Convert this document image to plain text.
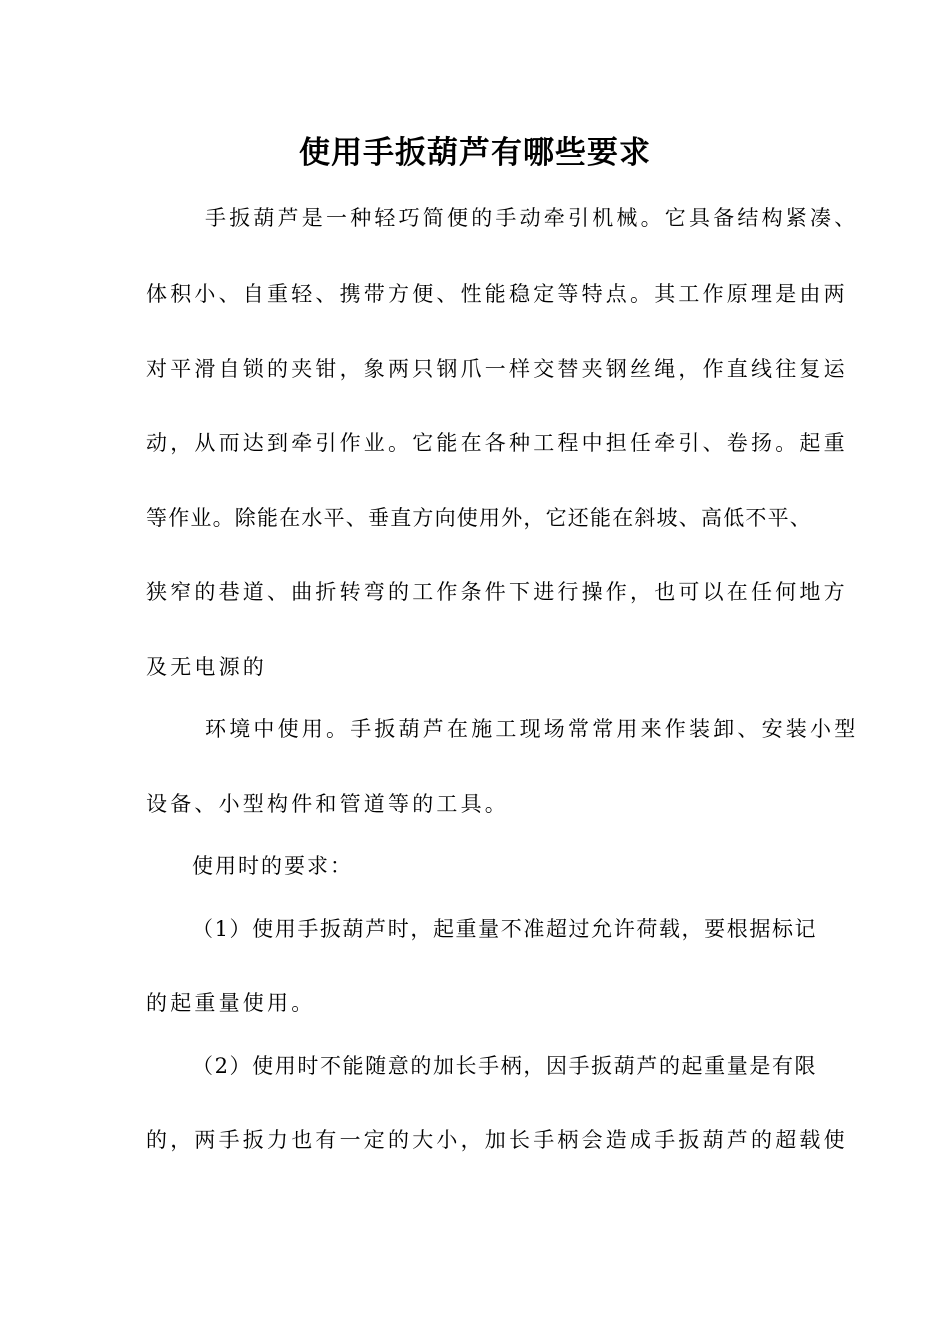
使用手扳葫芦有哪些要求
手扳葫芦是一种轻巧简便的手动牵引机械。它具备结构紧凑、
体积小、自重轻、携带方便、性能稳定等特点。其工作原理是由两
对平滑自锁的夹钳，象两只钢爪一样交替夹钢丝绳，作直线往复运
动，从而达到牵引作业。它能在各种工程中担任牵引、卷扬。起重
等作业。除能在水平、垂直方向使用外，它还能在斜坡、高低不平、
狭窄的巷道、曲折转弯的工作条件下进行操作，也可以在任何地方
及无电源的
环境中使用。手扳葫芦在施工现场常常用来作装卸、安装小型
设备、小型构件和管道等的工具。
使用时的要求：
（1）使用手扳葫芦时，起重量不准超过允许荷载，要根据标记
的起重量使用。
（2）使用时不能随意的加长手柄，因手扳葫芦的起重量是有限
的，两手扳力也有一定的大小，加长手柄会造成手扳葫芦的超载使
